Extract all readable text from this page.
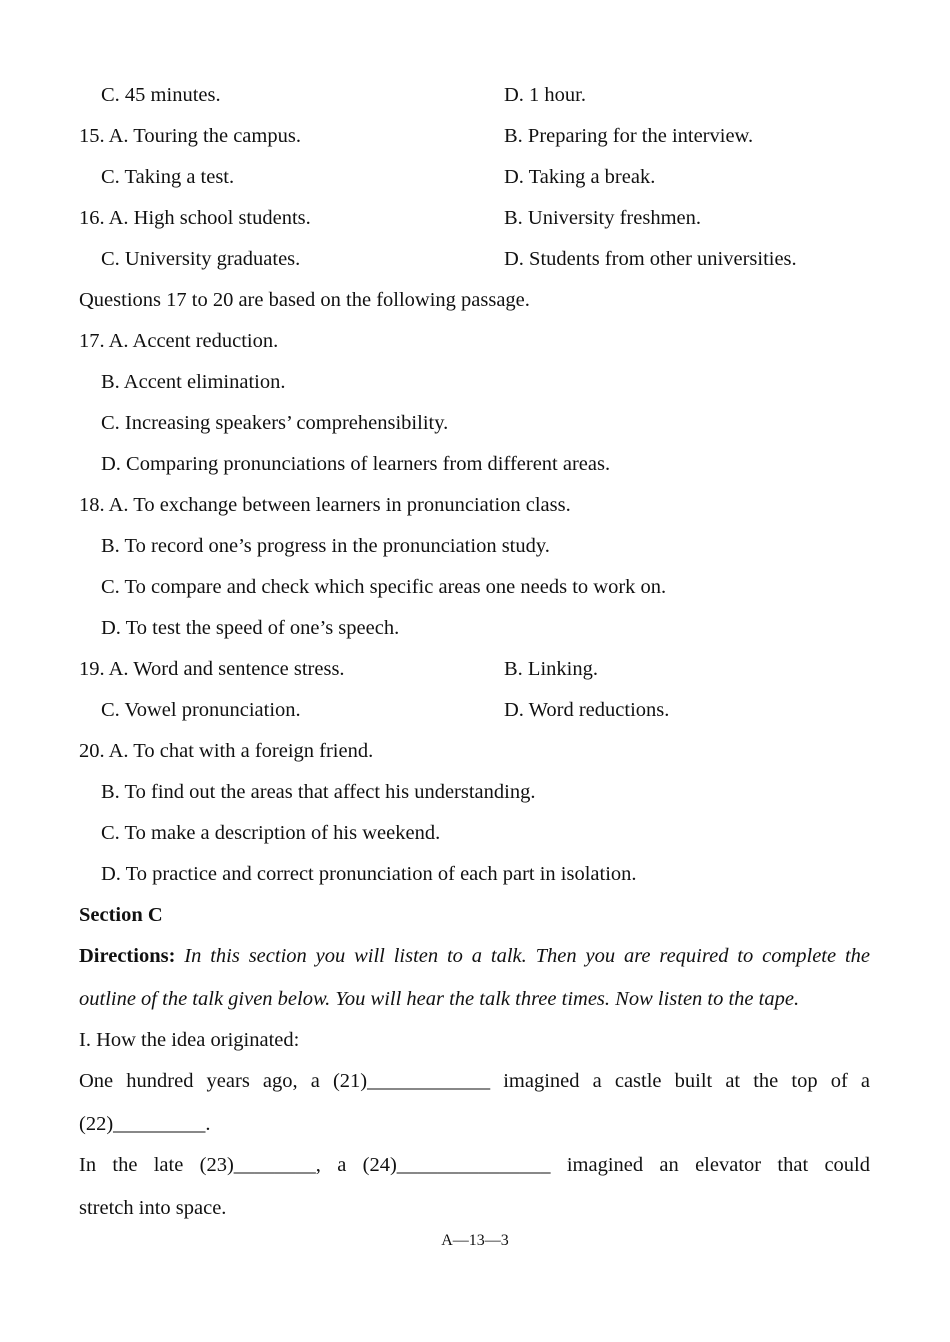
C. 45 minutes.	D. 1 hour.
15. A. Touring the campus.	B. Preparing for the interview.
C. Taking a test.	D. Taking a break.
16. A. High school students.	B. University freshmen.
C. University graduates.	D. Students from other universities.
Questions 17 to 20 are based on the following passage.
17. A. Accent reduction.
B. Accent elimination.
C. Increasing speakers’ comprehensibility.
D. Comparing pronunciations of learners from different areas.
18. A. To exchange between learners in pronunciation class.
B. To record one’s progress in the pronunciation study.
C. To compare and check which specific areas one needs to work on.
D. To test the speed of one’s speech.
19. A. Word and sentence stress.	B. Linking.
C. Vowel pronunciation.	D. Word reductions.
20. A. To chat with a foreign friend.
B. To find out the areas that affect his understanding.
C. To make a description of his weekend.
D. To practice and correct pronunciation of each part in isolation.
Section C
Directions: In this section you will listen to a talk. Then you are required to complete the
outline of the talk given below. You will hear the talk three times. Now listen to the tape.
I. How the idea originated:
One hundred years ago, a (21)____________ imagined a castle built at the top of a
(22)_________.
In the late (23)________, a (24)_______________ imagined an elevator that could
stretch into space.
A—13—3
